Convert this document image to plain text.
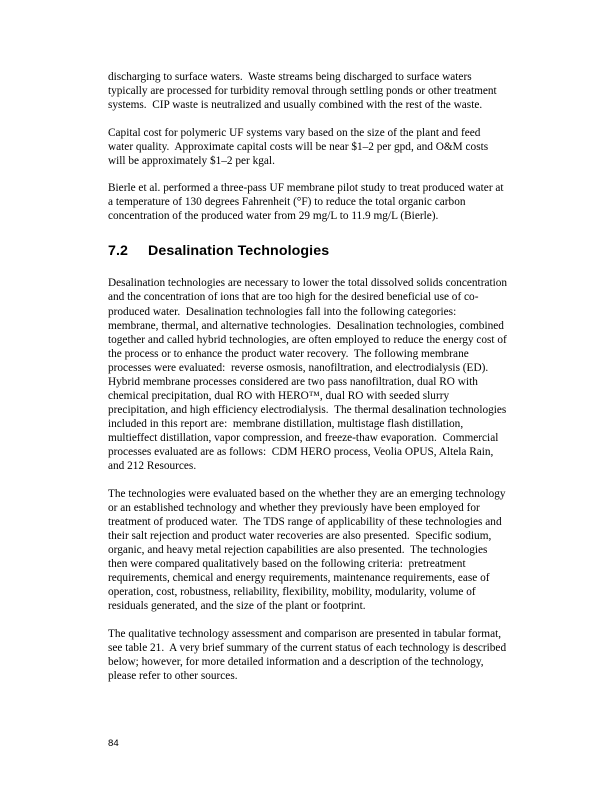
discharging to surface waters.  Waste streams being discharged to surface waters typically are processed for turbidity removal through settling ponds or other treatment systems.  CIP waste is neutralized and usually combined with the rest of the waste.

Capital cost for polymeric UF systems vary based on the size of the plant and feed water quality.  Approximate capital costs will be near $1–2 per gpd, and O&M costs will be approximately $1–2 per kgal.

Bierle et al. performed a three-pass UF membrane pilot study to treat produced water at a temperature of 130 degrees Fahrenheit (°F) to reduce the total organic carbon concentration of the produced water from 29 mg/L to 11.9 mg/L (Bierle).

7.2	Desalination Technologies

Desalination technologies are necessary to lower the total dissolved solids concentration and the concentration of ions that are too high for the desired beneficial use of co-produced water.  Desalination technologies fall into the following categories:  membrane, thermal, and alternative technologies.  Desalination technologies, combined together and called hybrid technologies, are often employed to reduce the energy cost of the process or to enhance the product water recovery.  The following membrane processes were evaluated:  reverse osmosis, nanofiltration, and electrodialysis (ED).  Hybrid membrane processes considered are two pass nanofiltration, dual RO with chemical precipitation, dual RO with HERO™, dual RO with seeded slurry precipitation, and high efficiency electrodialysis.  The thermal desalination technologies included in this report are:  membrane distillation, multistage flash distillation, multieffect distillation, vapor compression, and freeze-thaw evaporation.  Commercial processes evaluated are as follows:  CDM HERO process, Veolia OPUS, Altela Rain, and 212 Resources.

The technologies were evaluated based on the whether they are an emerging technology or an established technology and whether they previously have been employed for treatment of produced water.  The TDS range of applicability of these technologies and their salt rejection and product water recoveries are also presented.  Specific sodium, organic, and heavy metal rejection capabilities are also presented.  The technologies then were compared qualitatively based on the following criteria:  pretreatment requirements, chemical and energy requirements, maintenance requirements, ease of operation, cost, robustness, reliability, flexibility, mobility, modularity, volume of residuals generated, and the size of the plant or footprint.

The qualitative technology assessment and comparison are presented in tabular format, see table 21.  A very brief summary of the current status of each technology is described below; however, for more detailed information and a description of the technology, please refer to other sources.

84
